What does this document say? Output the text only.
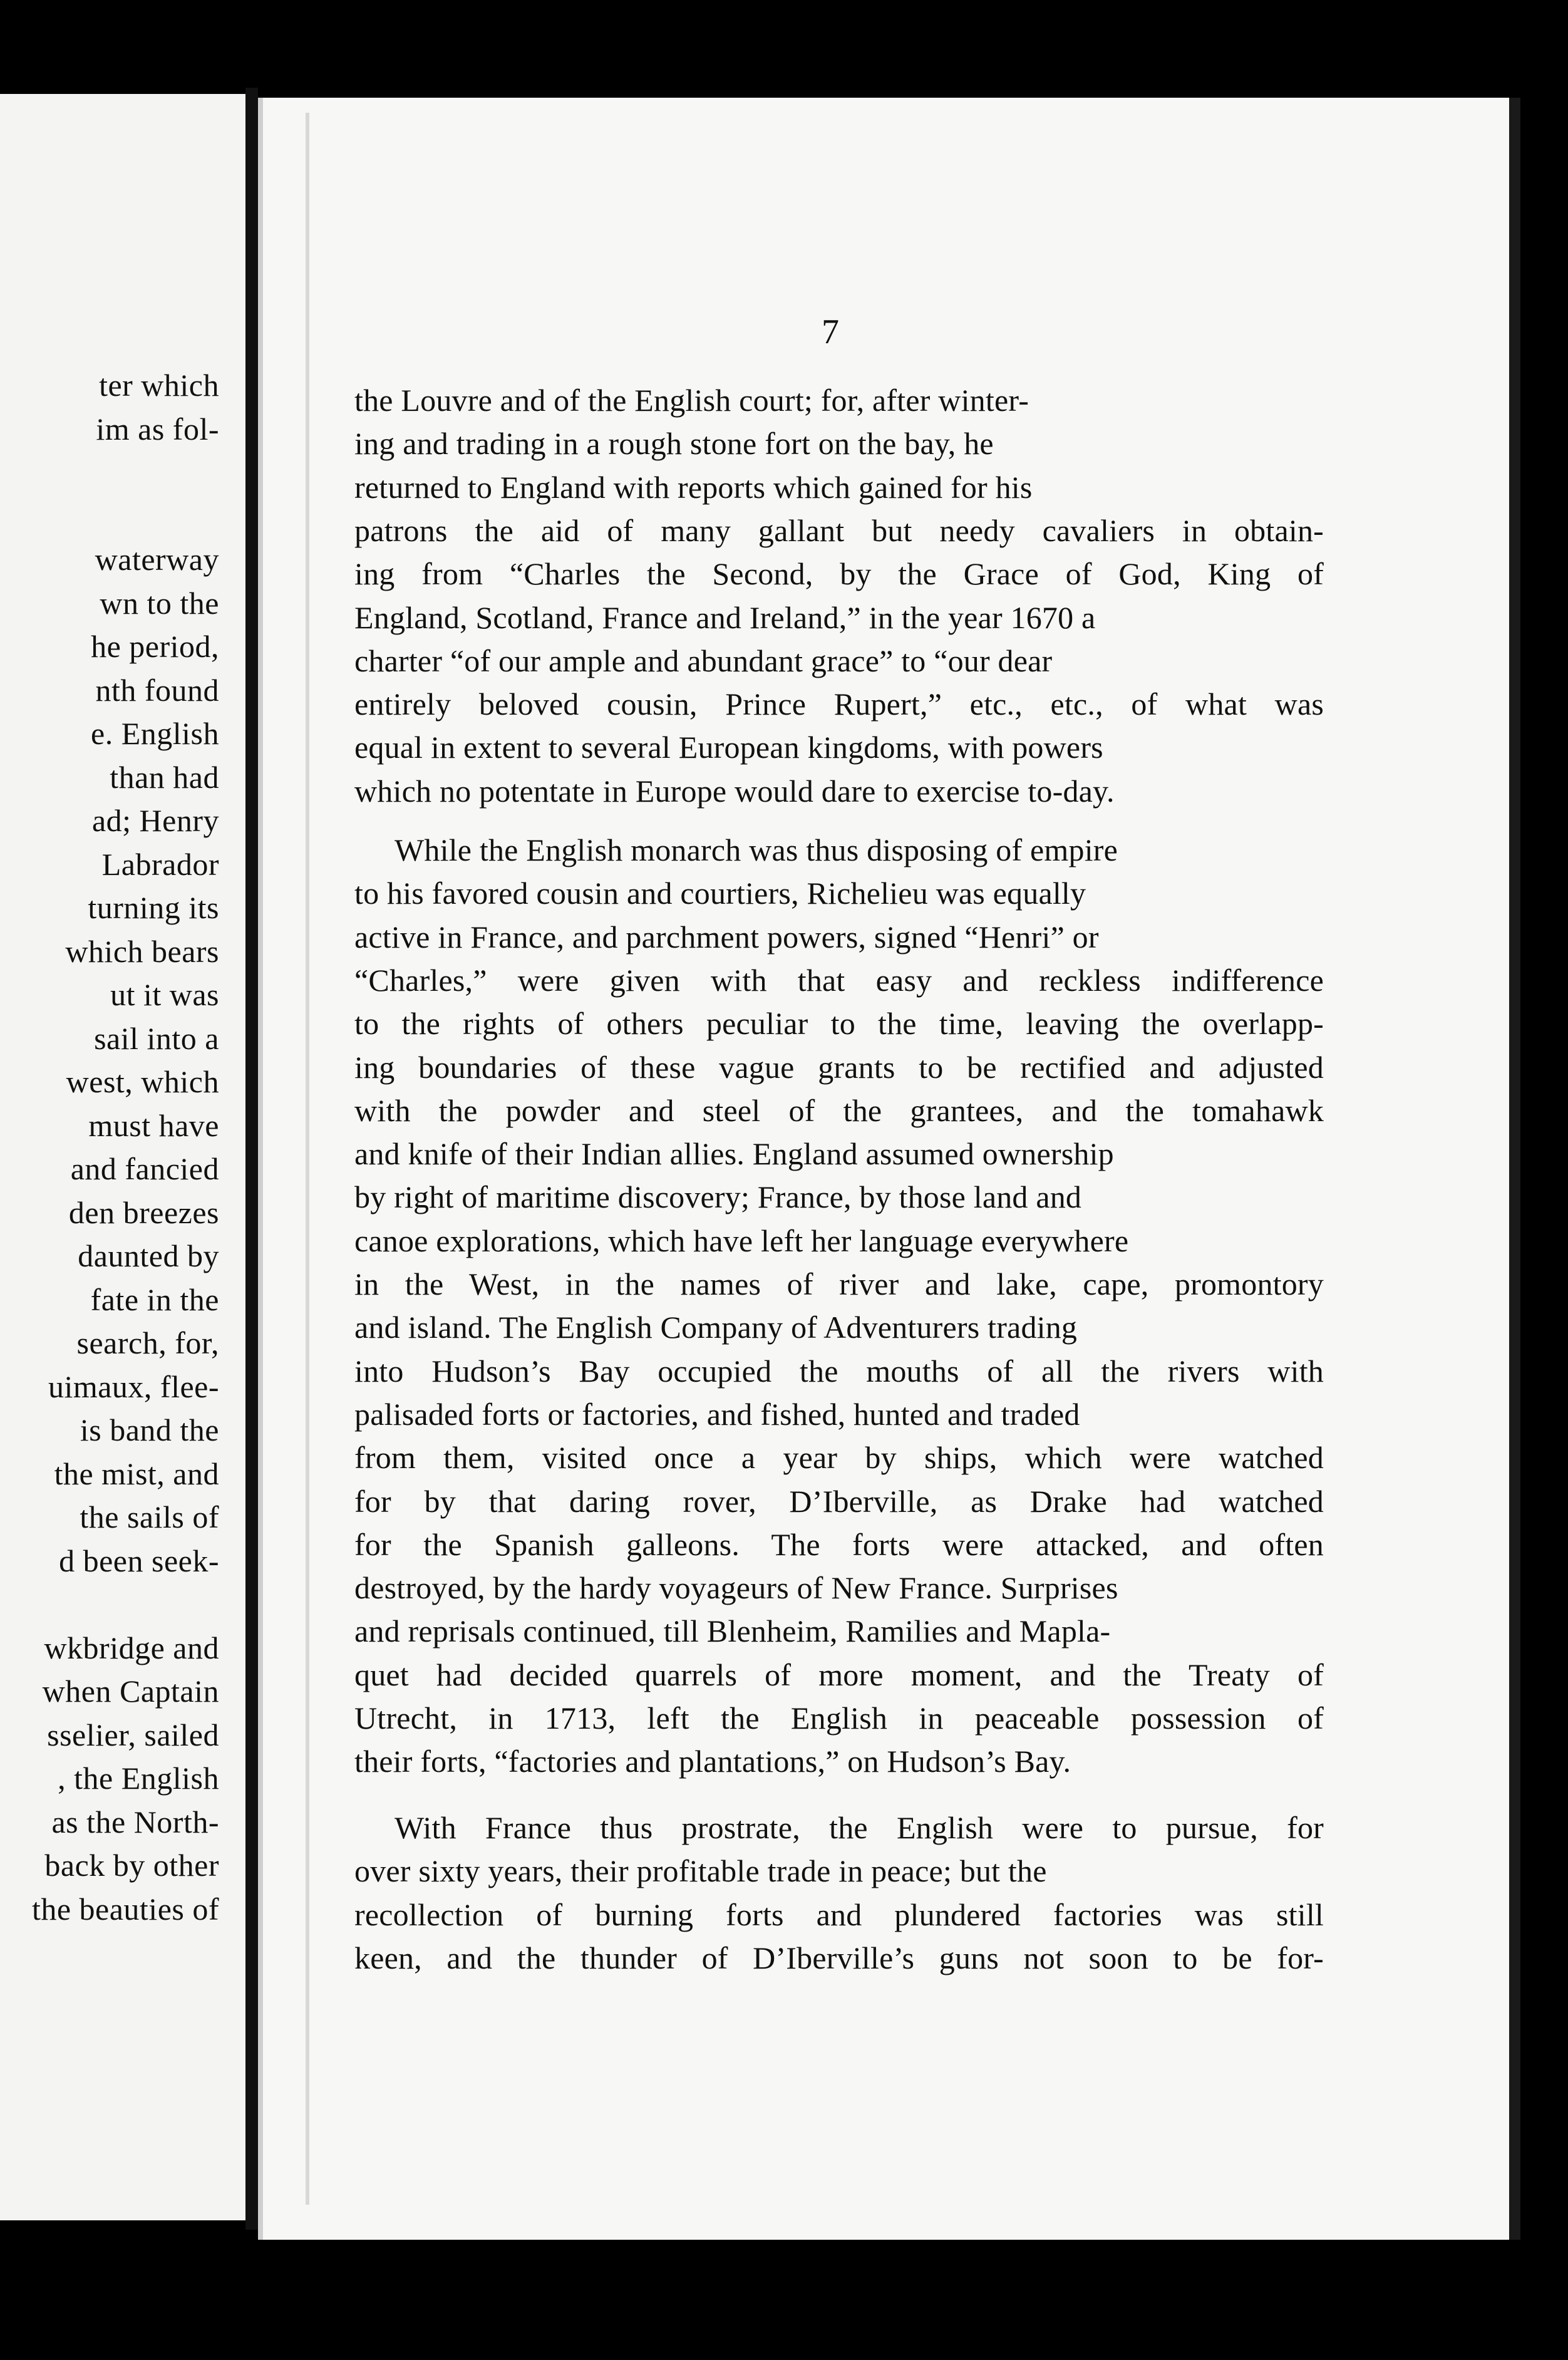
ter which
im as fol-
waterway
wn to the
he period,
nth found
e. English
than had
ad; Henry
Labrador
turning its
which bears
ut it was
sail into a
west, which
must have
and fancied
den breezes
daunted by
fate in the
search, for,
uimaux, flee-
is band the
the mist, and
the sails of
d been seek-
wkbridge and
when Captain
sselier, sailed
, the English
as the North-
back by other
the beauties of
7
the Louvre and of the English court; for, after winter-
ing and trading in a rough stone fort on the bay, he
returned to England with reports which gained for his
patrons the aid of many gallant but needy cavaliers in obtain-
ing from “Charles the Second, by the Grace of God, King of
England, Scotland, France and Ireland,” in the year 1670 a
charter “of our ample and abundant grace” to “our dear
entirely beloved cousin, Prince Rupert,” etc., etc., of what was
equal in extent to several European kingdoms, with powers
which no potentate in Europe would dare to exercise to-day.
While the English monarch was thus disposing of empire
to his favored cousin and courtiers, Richelieu was equally
active in France, and parchment powers, signed “Henri” or
“Charles,” were given with that easy and reckless indifference
to the rights of others peculiar to the time, leaving the overlapp-
ing boundaries of these vague grants to be rectified and adjusted
with the powder and steel of the grantees, and the tomahawk
and knife of their Indian allies. England assumed ownership
by right of maritime discovery; France, by those land and
canoe explorations, which have left her language everywhere
in the West, in the names of river and lake, cape, promontory
and island. The English Company of Adventurers trading
into Hudson’s Bay occupied the mouths of all the rivers with
palisaded forts or factories, and fished, hunted and traded
from them, visited once a year by ships, which were watched
for by that daring rover, D’Iberville, as Drake had watched
for the Spanish galleons. The forts were attacked, and often
destroyed, by the hardy voyageurs of New France. Surprises
and reprisals continued, till Blenheim, Ramilies and Mapla-
quet had decided quarrels of more moment, and the Treaty of
Utrecht, in 1713, left the English in peaceable possession of
their forts, “factories and plantations,” on Hudson’s Bay.
With France thus prostrate, the English were to pursue, for
over sixty years, their profitable trade in peace; but the
recollection of burning forts and plundered factories was still
keen, and the thunder of D’Iberville’s guns not soon to be for-
